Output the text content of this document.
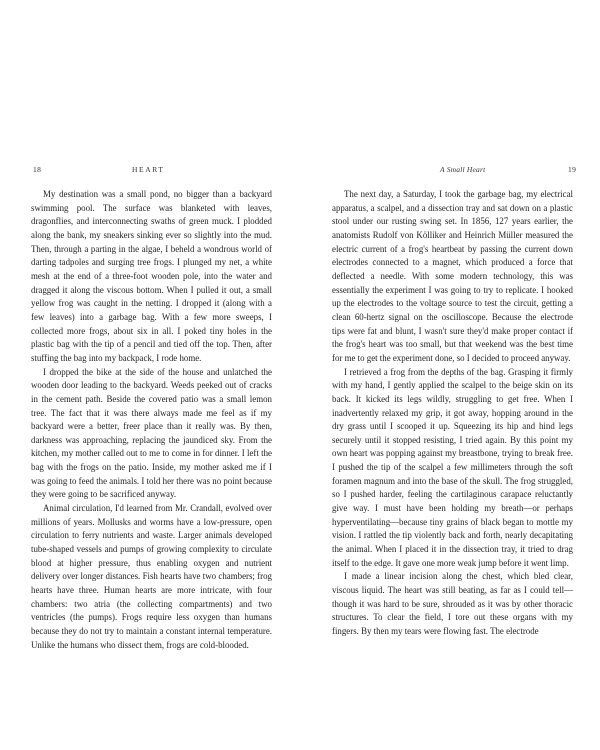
18	HEART

My destination was a small pond, no bigger than a backyard swimming pool. The surface was blanketed with leaves, dragonflies, and interconnecting swaths of green muck. I plodded along the bank, my sneakers sinking ever so slightly into the mud. Then, through a parting in the algae, I beheld a wondrous world of darting tadpoles and surging tree frogs. I plunged my net, a white mesh at the end of a three-foot wooden pole, into the water and dragged it along the viscous bottom. When I pulled it out, a small yellow frog was caught in the netting. I dropped it (along with a few leaves) into a garbage bag. With a few more sweeps, I collected more frogs, about six in all. I poked tiny holes in the plastic bag with the tip of a pencil and tied off the top. Then, after stuffing the bag into my backpack, I rode home.

I dropped the bike at the side of the house and unlatched the wooden door leading to the backyard. Weeds peeked out of cracks in the cement path. Beside the covered patio was a small lemon tree. The fact that it was there always made me feel as if my backyard were a better, freer place than it really was. By then, darkness was approaching, replacing the jaundiced sky. From the kitchen, my mother called out to me to come in for dinner. I left the bag with the frogs on the patio. Inside, my mother asked me if I was going to feed the animals. I told her there was no point because they were going to be sacrificed anyway.

Animal circulation, I'd learned from Mr. Crandall, evolved over millions of years. Mollusks and worms have a low-pressure, open circulation to ferry nutrients and waste. Larger animals developed tube-shaped vessels and pumps of growing complexity to circulate blood at higher pressure, thus enabling oxygen and nutrient delivery over longer distances. Fish hearts have two chambers; frog hearts have three. Human hearts are more intricate, with four chambers: two atria (the collecting compartments) and two ventricles (the pumps). Frogs require less oxygen than humans because they do not try to maintain a constant internal temperature. Unlike the humans who dissect them, frogs are cold-blooded.

A Small Heart	19

The next day, a Saturday, I took the garbage bag, my electrical apparatus, a scalpel, and a dissection tray and sat down on a plastic stool under our rusting swing set. In 1856, 127 years earlier, the anatomists Rudolf von Kölliker and Heinrich Müller measured the electric current of a frog's heartbeat by passing the current down electrodes connected to a magnet, which produced a force that deflected a needle. With some modern technology, this was essentially the experiment I was going to try to replicate. I hooked up the electrodes to the voltage source to test the circuit, getting a clean 60-hertz signal on the oscilloscope. Because the electrode tips were fat and blunt, I wasn't sure they'd make proper contact if the frog's heart was too small, but that weekend was the best time for me to get the experiment done, so I decided to proceed anyway.

I retrieved a frog from the depths of the bag. Grasping it firmly with my hand, I gently applied the scalpel to the beige skin on its back. It kicked its legs wildly, struggling to get free. When I inadvertently relaxed my grip, it got away, hopping around in the dry grass until I scooped it up. Squeezing its hip and hind legs securely until it stopped resisting, I tried again. By this point my own heart was popping against my breastbone, trying to break free. I pushed the tip of the scalpel a few millimeters through the soft foramen magnum and into the base of the skull. The frog struggled, so I pushed harder, feeling the cartilaginous carapace reluctantly give way. I must have been holding my breath—or perhaps hyperventilating—because tiny grains of black began to mottle my vision. I rattled the tip violently back and forth, nearly decapitating the animal. When I placed it in the dissection tray, it tried to drag itself to the edge. It gave one more weak jump before it went limp.

I made a linear incision along the chest, which bled clear, viscous liquid. The heart was still beating, as far as I could tell—though it was hard to be sure, shrouded as it was by other thoracic structures. To clear the field, I tore out these organs with my fingers. By then my tears were flowing fast. The electrode
